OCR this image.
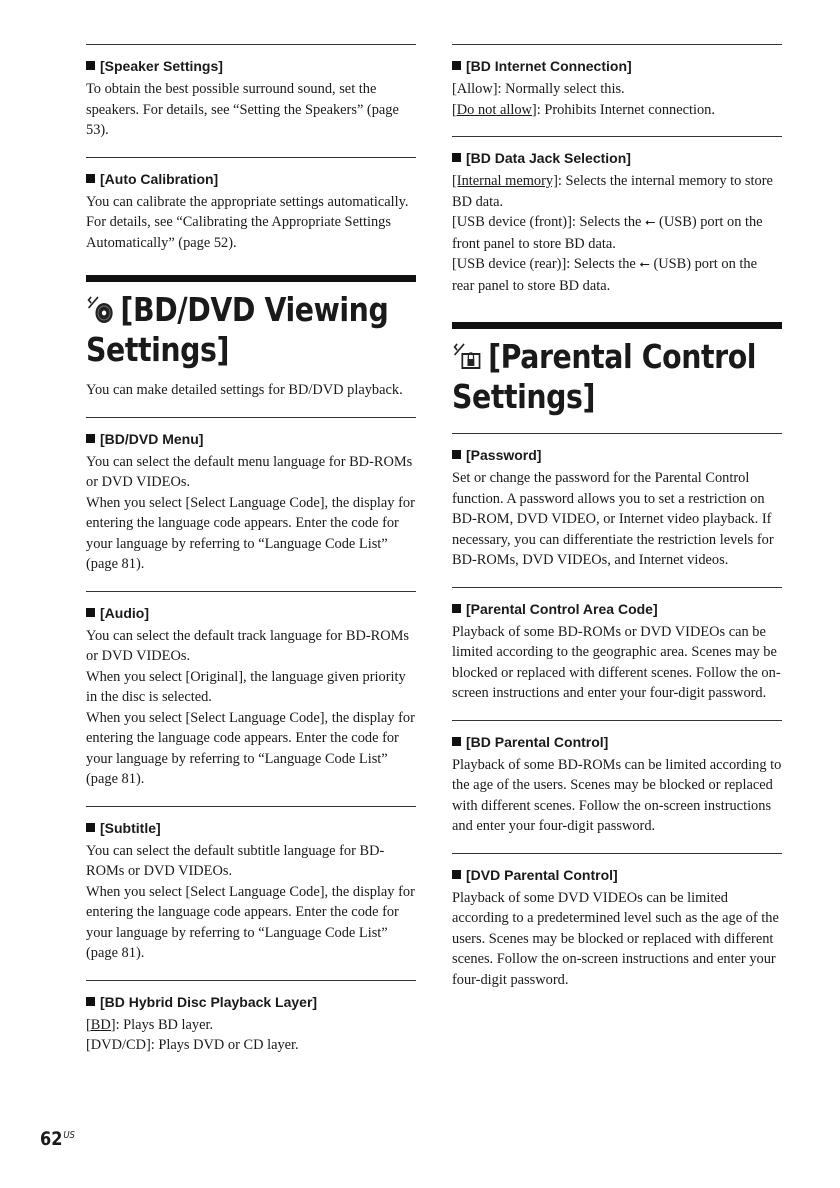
[Speaker Settings]

To obtain the best possible surround sound, set the speakers. For details, see “Setting the Speakers” (page 53).

[Auto Calibration]

You can calibrate the appropriate settings automatically. For details, see “Calibrating the Appropriate Settings Automatically” (page 52).

[BD/DVD Viewing Settings]

You can make detailed settings for BD/DVD playback.

[BD/DVD Menu]

You can select the default menu language for BD-ROMs or DVD VIDEOs.

When you select [Select Language Code], the display for entering the language code appears. Enter the code for your language by referring to “Language Code List” (page 81).

[Audio]

You can select the default track language for BD-ROMs or DVD VIDEOs.

When you select [Original], the language given priority in the disc is selected.

When you select [Select Language Code], the display for entering the language code appears. Enter the code for your language by referring to “Language Code List” (page 81).

[Subtitle]

You can select the default subtitle language for BD-ROMs or DVD VIDEOs.

When you select [Select Language Code], the display for entering the language code appears. Enter the code for your language by referring to “Language Code List” (page 81).

[BD Hybrid Disc Playback Layer]

[BD]: Plays BD layer.

[DVD/CD]: Plays DVD or CD layer.

[BD Internet Connection]

[Allow]: Normally select this.

[Do not allow]: Prohibits Internet connection.

[BD Data Jack Selection]

[Internal memory]: Selects the internal memory to store BD data.

[USB device (front)]: Selects the ⭠ (USB) port on the front panel to store BD data.

[USB device (rear)]: Selects the ⭠ (USB) port on the rear panel to store BD data.

[Parental Control Settings]

[Password]

Set or change the password for the Parental Control function. A password allows you to set a restriction on BD-ROM, DVD VIDEO, or Internet video playback. If necessary, you can differentiate the restriction levels for BD-ROMs, DVD VIDEOs, and Internet videos.

[Parental Control Area Code]

Playback of some BD-ROMs or DVD VIDEOs can be limited according to the geographic area. Scenes may be blocked or replaced with different scenes. Follow the on-screen instructions and enter your four-digit password.

[BD Parental Control]

Playback of some BD-ROMs can be limited according to the age of the users. Scenes may be blocked or replaced with different scenes. Follow the on-screen instructions and enter your four-digit password.

[DVD Parental Control]

Playback of some DVD VIDEOs can be limited according to a predetermined level such as the age of the users. Scenes may be blocked or replaced with different scenes. Follow the on-screen instructions and enter your four-digit password.

$62^{US}$
